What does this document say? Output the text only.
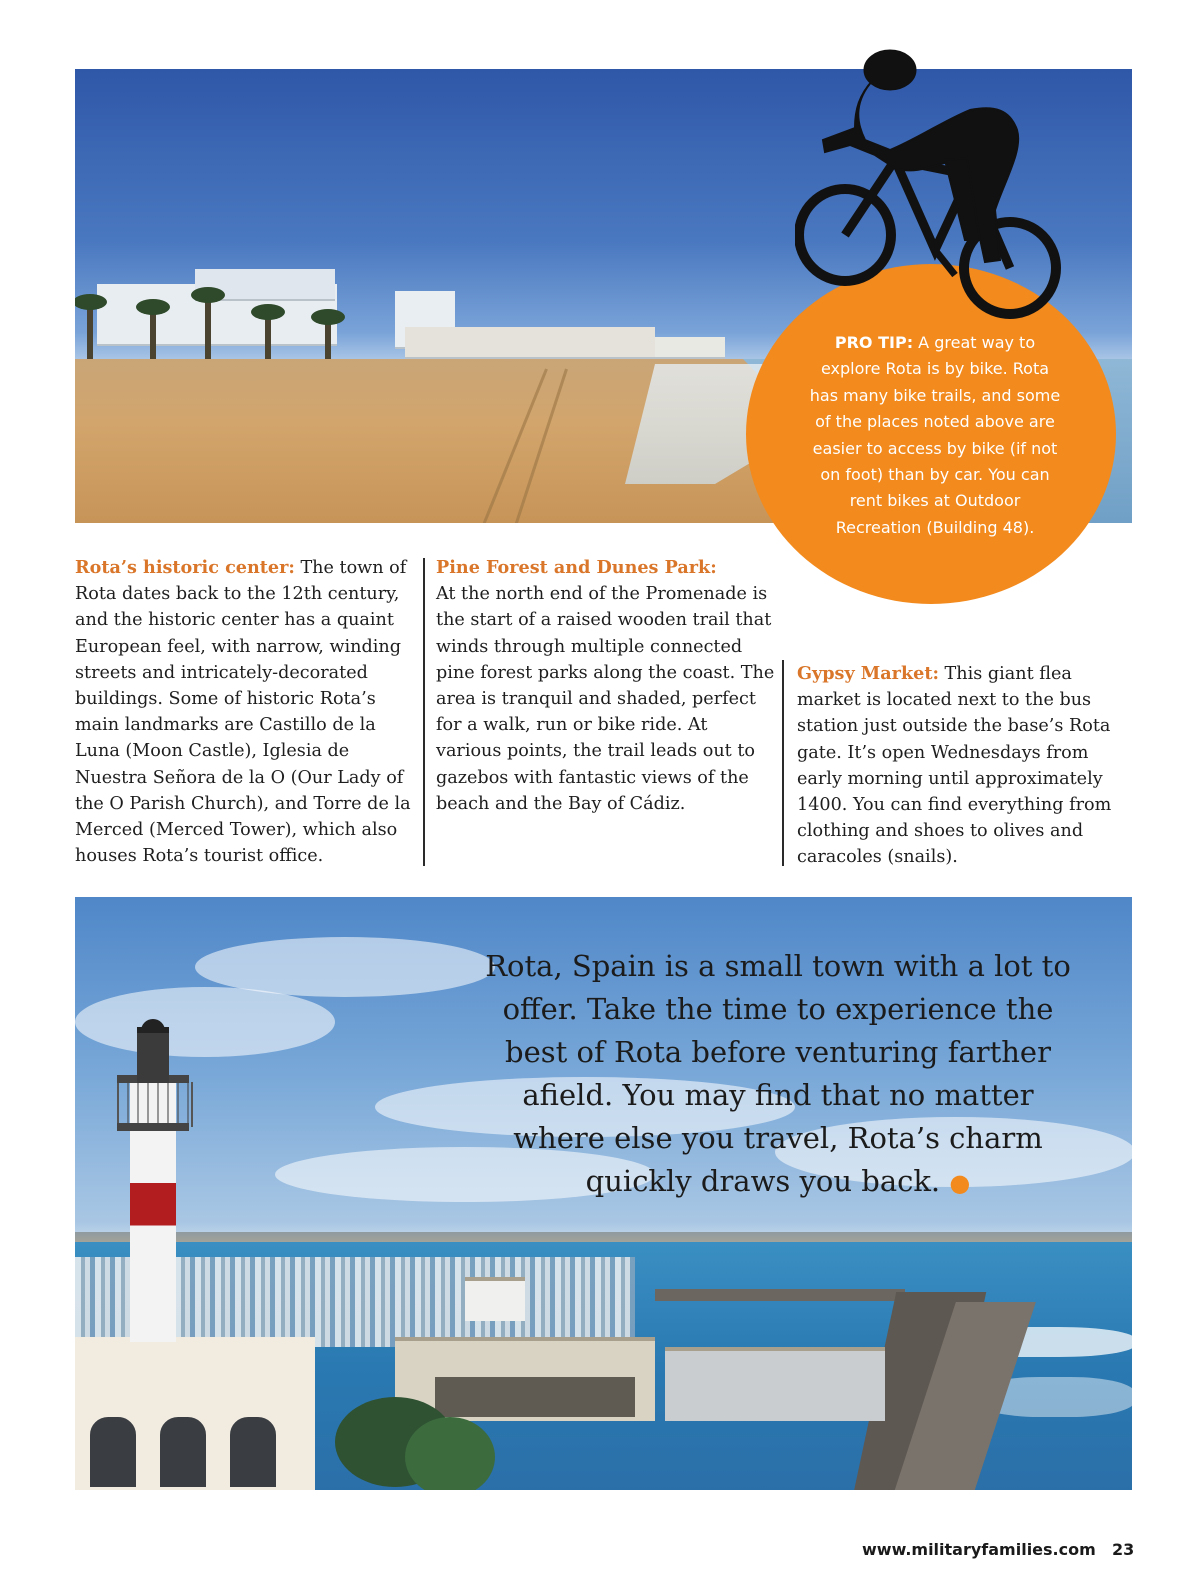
PRO TIP: A great way to explore Rota is by bike. Rota has many bike trails, and some of the places noted above are easier to access by bike (if not on foot) than by car. You can rent bikes at Outdoor Recreation (Building 48).
Rota’s historic center: The town of Rota dates back to the 12th century, and the historic center has a quaint European feel, with narrow, winding streets and intricately-decorated buildings. Some of historic Rota’s main landmarks are Castillo de la Luna (Moon Castle), Iglesia de Nuestra Señora de la O (Our Lady of the O Parish Church), and Torre de la Merced (Merced Tower), which also houses Rota’s tourist office.
Pine Forest and Dunes Park:
At the north end of the Promenade is the start of a raised wooden trail that winds through multiple connected pine forest parks along the coast. The area is tranquil and shaded, perfect for a walk, run or bike ride. At various points, the trail leads out to gazebos with fantastic views of the beach and the Bay of Cádiz.
Gypsy Market: This giant flea market is located next to the bus station just outside the base’s Rota gate. It’s open Wednesdays from early morning until approximately 1400. You can find everything from clothing and shoes to olives and caracoles (snails).
Rota, Spain is a small town with a lot to offer. Take the time to experience the best of Rota before venturing farther afield. You may find that no matter where else you travel, Rota’s charm quickly draws you back. ●
www.militaryfamilies.com 23
